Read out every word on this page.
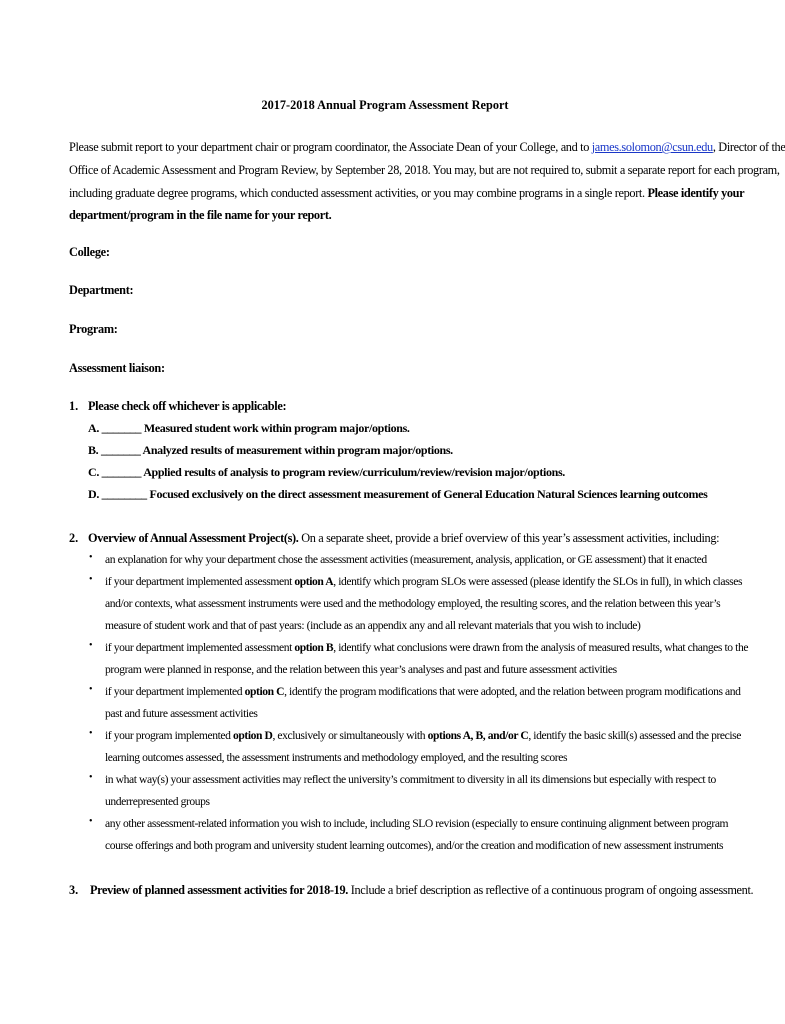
2017-2018 Annual Program Assessment Report
Please submit report to your department chair or program coordinator, the Associate Dean of your College, and to james.solomon@csun.edu, Director of the
Office of Academic Assessment and Program Review, by September 28, 2018. You may, but are not required to, submit a separate report for each program,
including graduate degree programs, which conducted assessment activities, or you may combine programs in a single report. Please identify your
department/program in the file name for your report.
College:
Department:
Program:
Assessment liaison:
1. Please check off whichever is applicable:
A. _______ Measured student work within program major/options.
B. _______ Analyzed results of measurement within program major/options.
C. _______ Applied results of analysis to program review/curriculum/review/revision major/options.
D. ________ Focused exclusively on the direct assessment measurement of General Education Natural Sciences learning outcomes
2. Overview of Annual Assessment Project(s). On a separate sheet, provide a brief overview of this year’s assessment activities, including:
• an explanation for why your department chose the assessment activities (measurement, analysis, application, or GE assessment) that it enacted
• if your department implemented assessment option A, identify which program SLOs were assessed (please identify the SLOs in full), in which classes
and/or contexts, what assessment instruments were used and the methodology employed, the resulting scores, and the relation between this year’s
measure of student work and that of past years: (include as an appendix any and all relevant materials that you wish to include)
• if your department implemented assessment option B, identify what conclusions were drawn from the analysis of measured results, what changes to the
program were planned in response, and the relation between this year’s analyses and past and future assessment activities
• if your department implemented option C, identify the program modifications that were adopted, and the relation between program modifications and
past and future assessment activities
• if your program implemented option D, exclusively or simultaneously with options A, B, and/or C, identify the basic skill(s) assessed and the precise
learning outcomes assessed, the assessment instruments and methodology employed, and the resulting scores
• in what way(s) your assessment activities may reflect the university’s commitment to diversity in all its dimensions but especially with respect to
underrepresented groups
• any other assessment-related information you wish to include, including SLO revision (especially to ensure continuing alignment between program
course offerings and both program and university student learning outcomes), and/or the creation and modification of new assessment instruments
3. Preview of planned assessment activities for 2018-19. Include a brief description as reflective of a continuous program of ongoing assessment.
